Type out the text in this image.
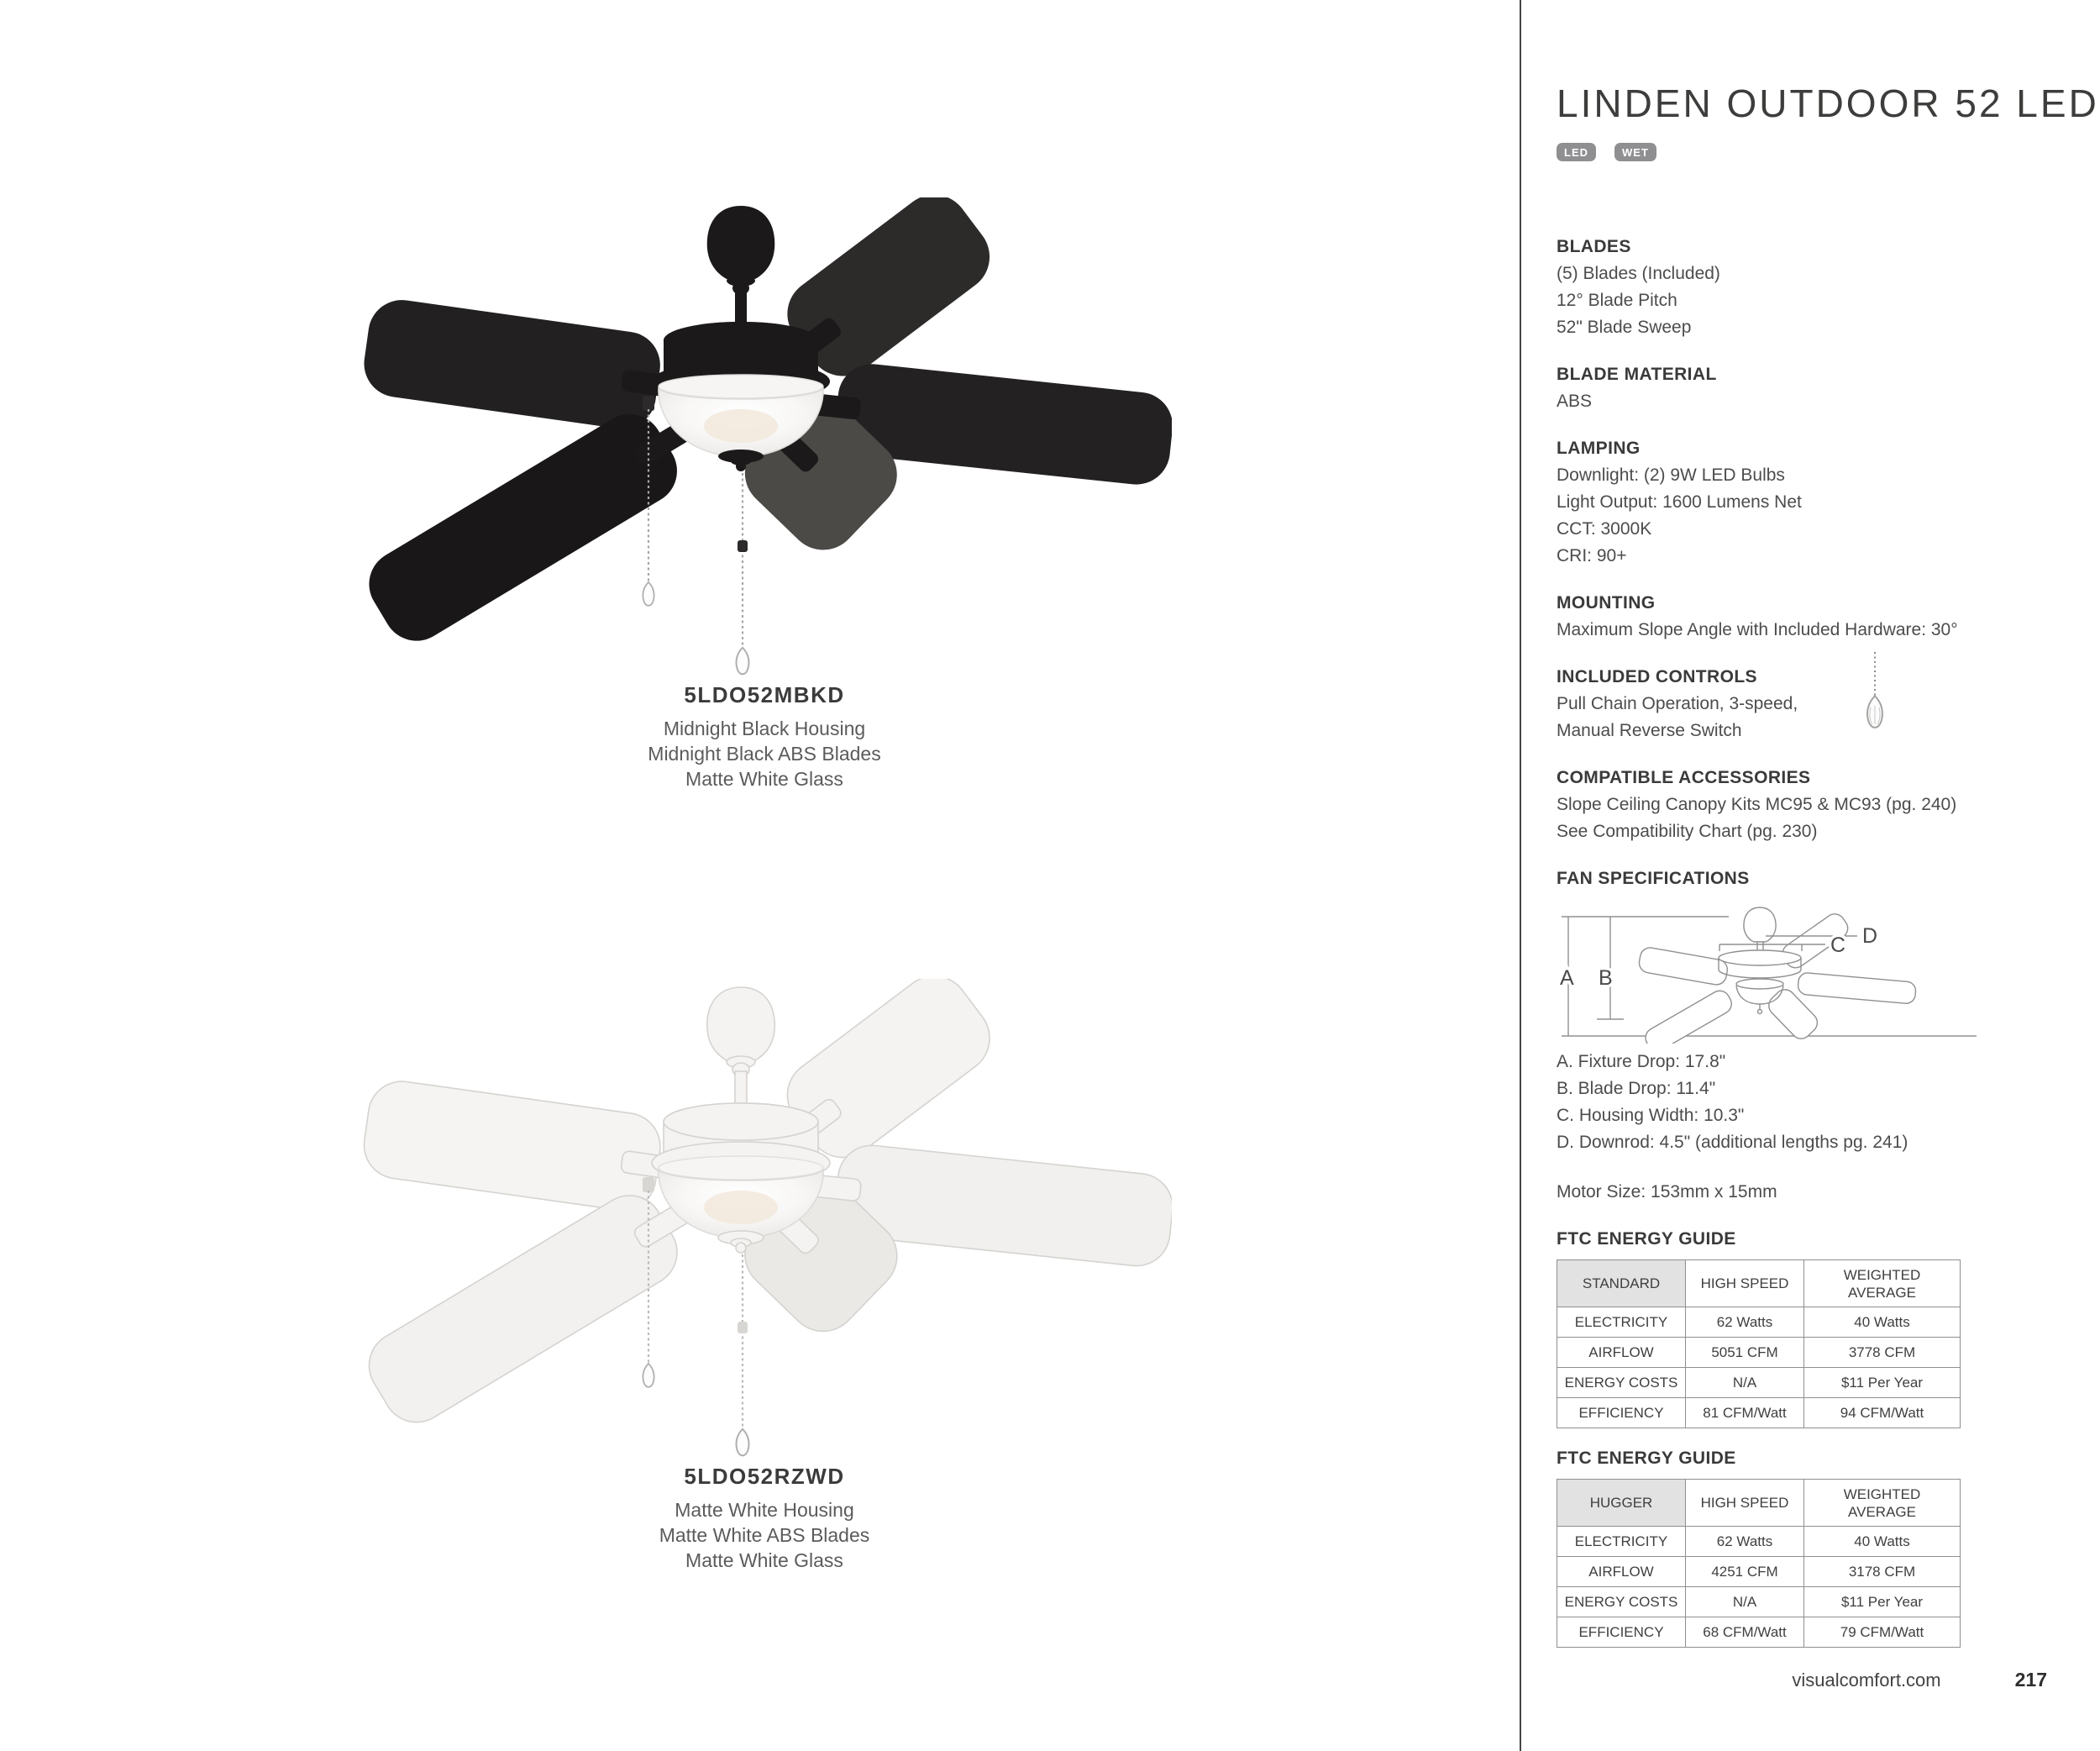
5LDO52MBKD
Midnight Black Housing
Midnight Black ABS Blades
Matte White Glass
5LDO52RZWD
Matte White Housing
Matte White ABS Blades
Matte White Glass
LINDEN OUTDOOR 52 LED
LED	WET
BLADES

(5) Blades (Included)

12° Blade Pitch

52" Blade Sweep

BLADE MATERIAL

ABS

LAMPING

Downlight: (2) 9W LED Bulbs

Light Output: 1600 Lumens Net

CCT: 3000K

CRI: 90+

MOUNTING

Maximum Slope Angle with Included Hardware: 30°

INCLUDED CONTROLS

Pull Chain Operation, 3-speed,

Manual Reverse Switch

COMPATIBLE ACCESSORIES

Slope Ceiling Canopy Kits MC95 & MC93 (pg. 240)

See Compatibility Chart (pg. 230)

FAN SPECIFICATIONS
A B
C D

A. Fixture Drop: 17.8"

B. Blade Drop: 11.4"

C. Housing Width: 10.3"

D. Downrod: 4.5" (additional lengths pg. 241)

Motor Size: 153mm x 15mm

FTC ENERGY GUIDE
STANDARD	HIGH SPEED	WEIGHTED AVERAGE
ELECTRICITY	62 Watts	40 Watts
AIRFLOW	5051 CFM	3778 CFM
ENERGY COSTS	N/A	$11 Per Year
EFFICIENCY	81 CFM/Watt	94 CFM/Watt
FTC ENERGY GUIDE
HUGGER	HIGH SPEED	WEIGHTED AVERAGE
ELECTRICITY	62 Watts	40 Watts
AIRFLOW	4251 CFM	3178 CFM
ENERGY COSTS	N/A	$11 Per Year
EFFICIENCY	68 CFM/Watt	79 CFM/Watt
visualcomfort.com	217
